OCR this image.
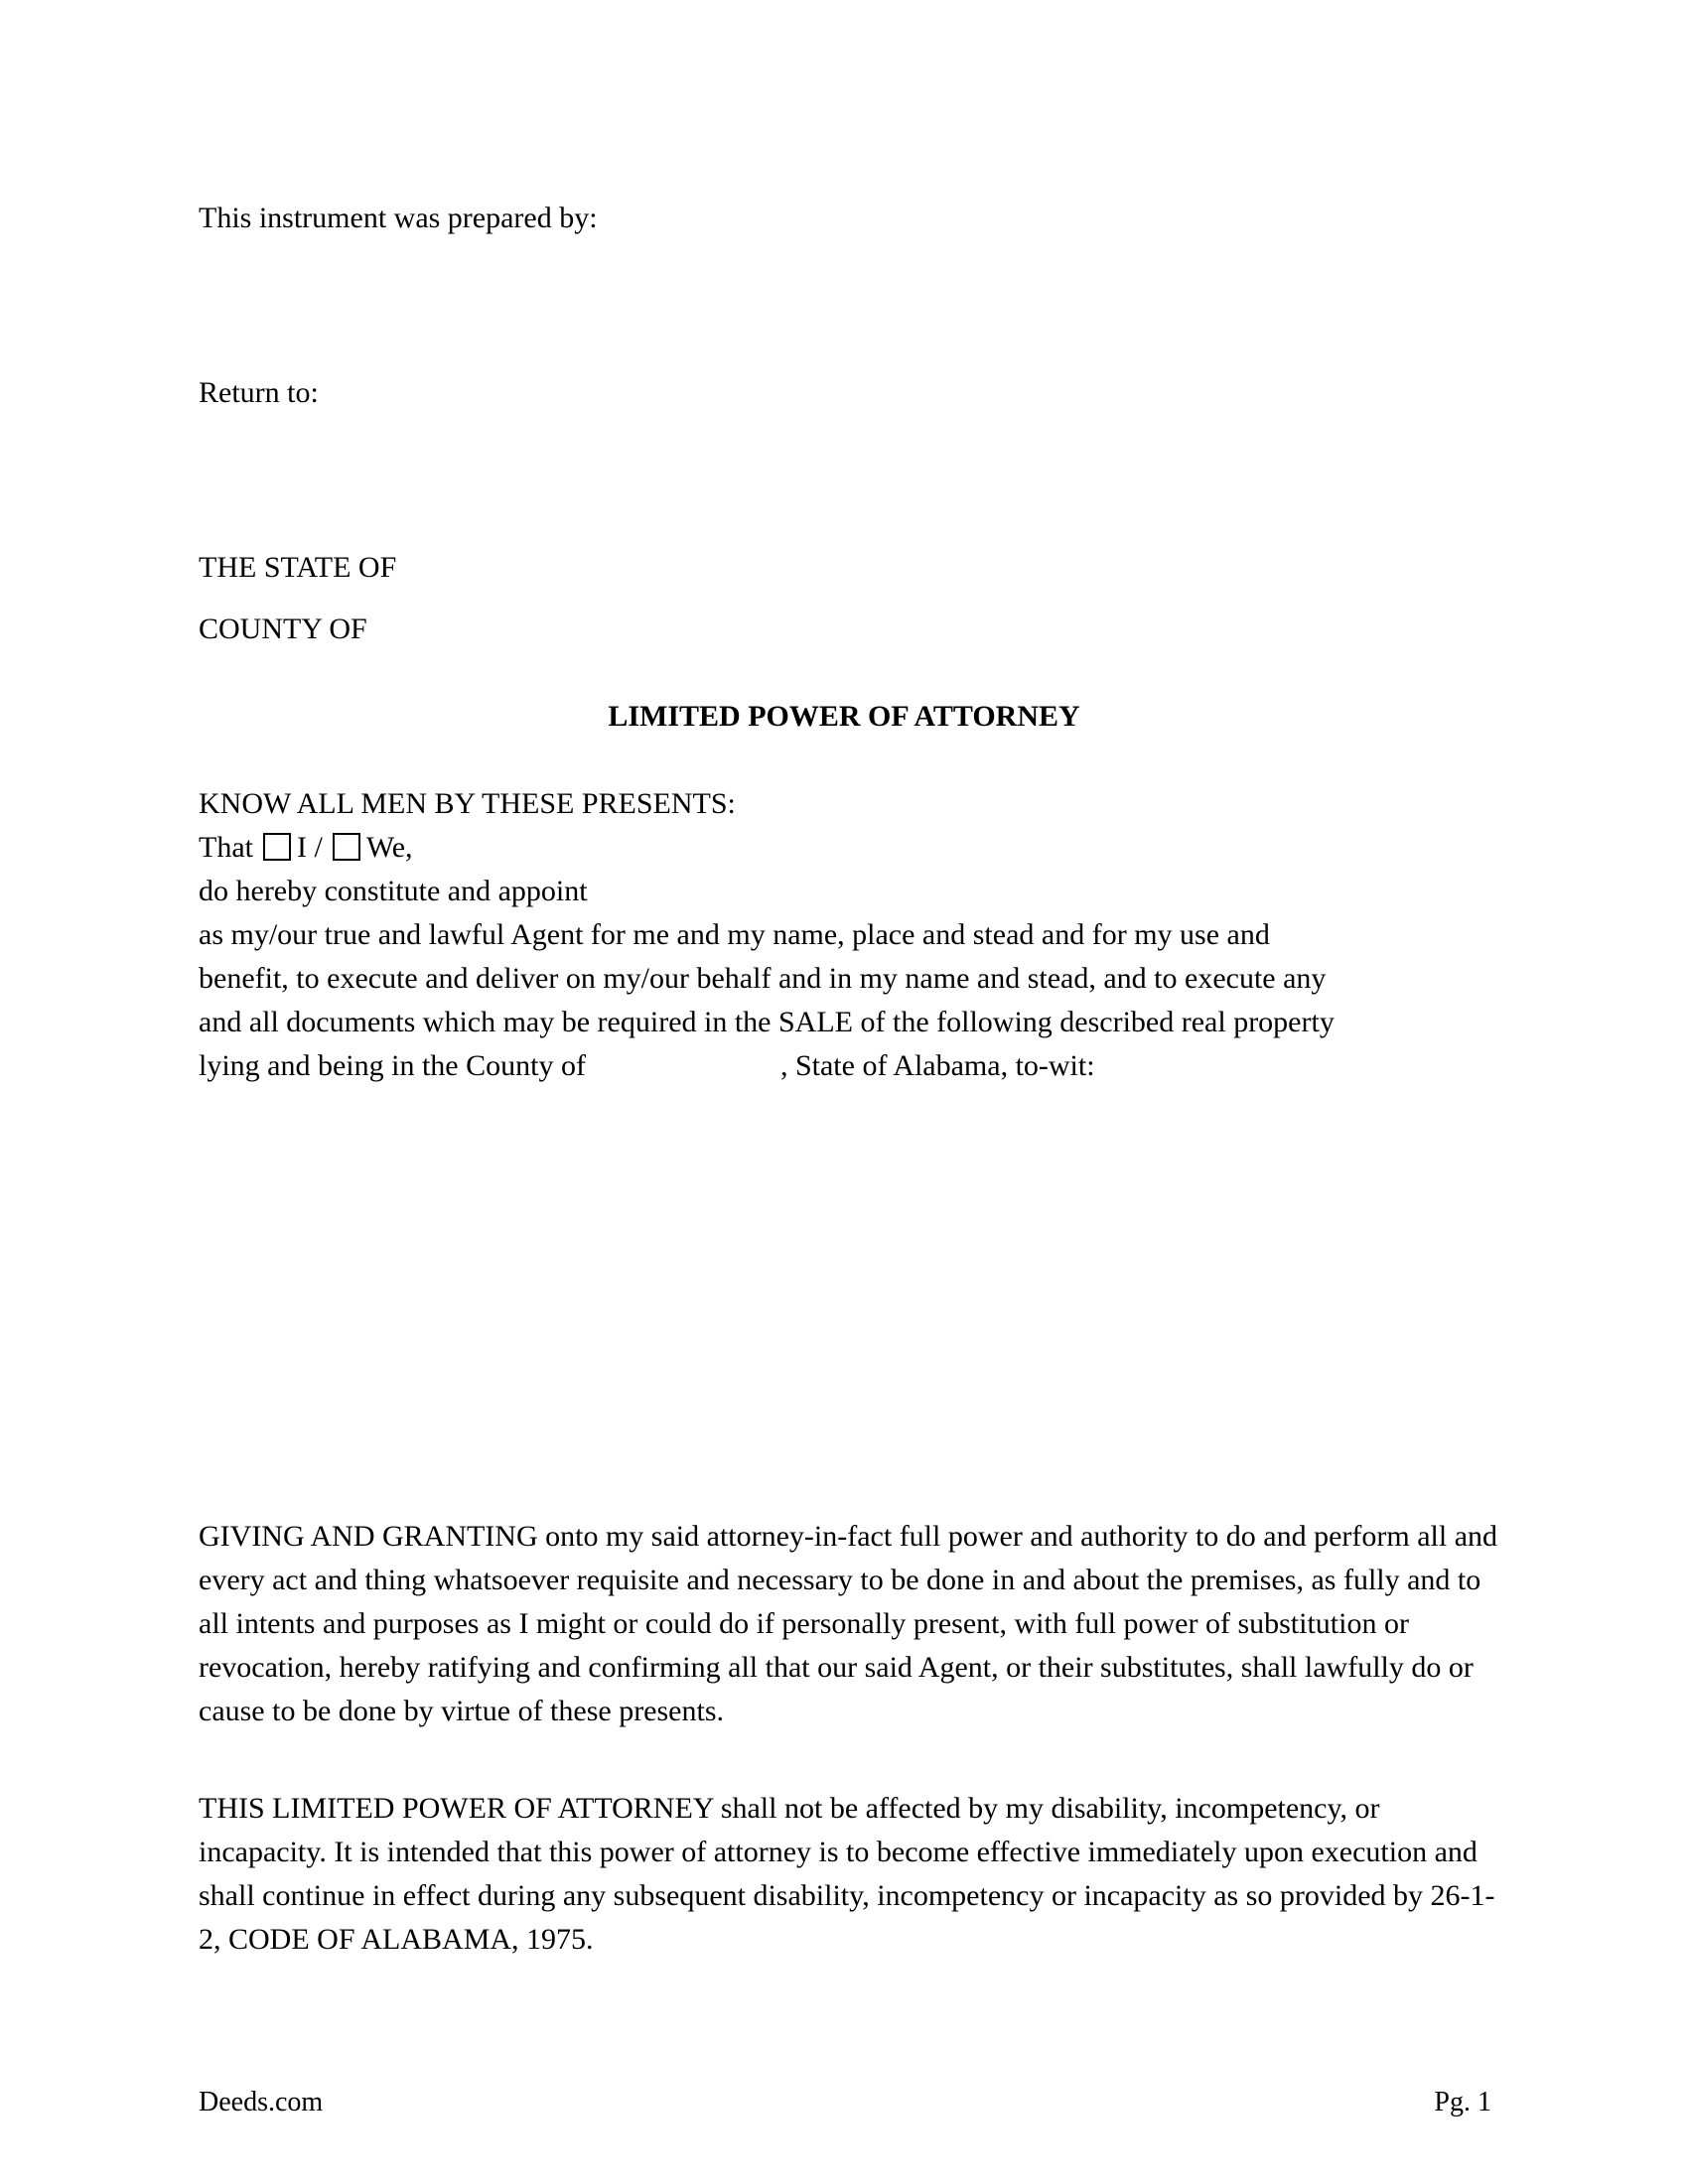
This instrument was prepared by:
Return to:
THE STATE OF
COUNTY OF
LIMITED POWER OF ATTORNEY
KNOW ALL MEN BY THESE PRESENTS:
That I / We,
do hereby constitute and appoint
as my/our true and lawful Agent for me and my name, place and stead and for my use and
benefit, to execute and deliver on my/our behalf and in my name and stead, and to execute any
and all documents which may be required in the SALE of the following described real property
lying and being in the County of	, State of Alabama, to-wit:
GIVING AND GRANTING onto my said attorney-in-fact full power and authority to do and perform all and every act and thing whatsoever requisite and necessary to be done in and about the premises, as fully and to all intents and purposes as I might or could do if personally present, with full power of substitution or revocation, hereby ratifying and confirming all that our said Agent, or their substitutes, shall lawfully do or cause to be done by virtue of these presents.
THIS LIMITED POWER OF ATTORNEY shall not be affected by my disability, incompetency, or incapacity. It is intended that this power of attorney is to become effective immediately upon execution and shall continue in effect during any subsequent disability, incompetency or incapacity as so provided by 26-1-2, CODE OF ALABAMA, 1975.
Deeds.com	Pg. 1
